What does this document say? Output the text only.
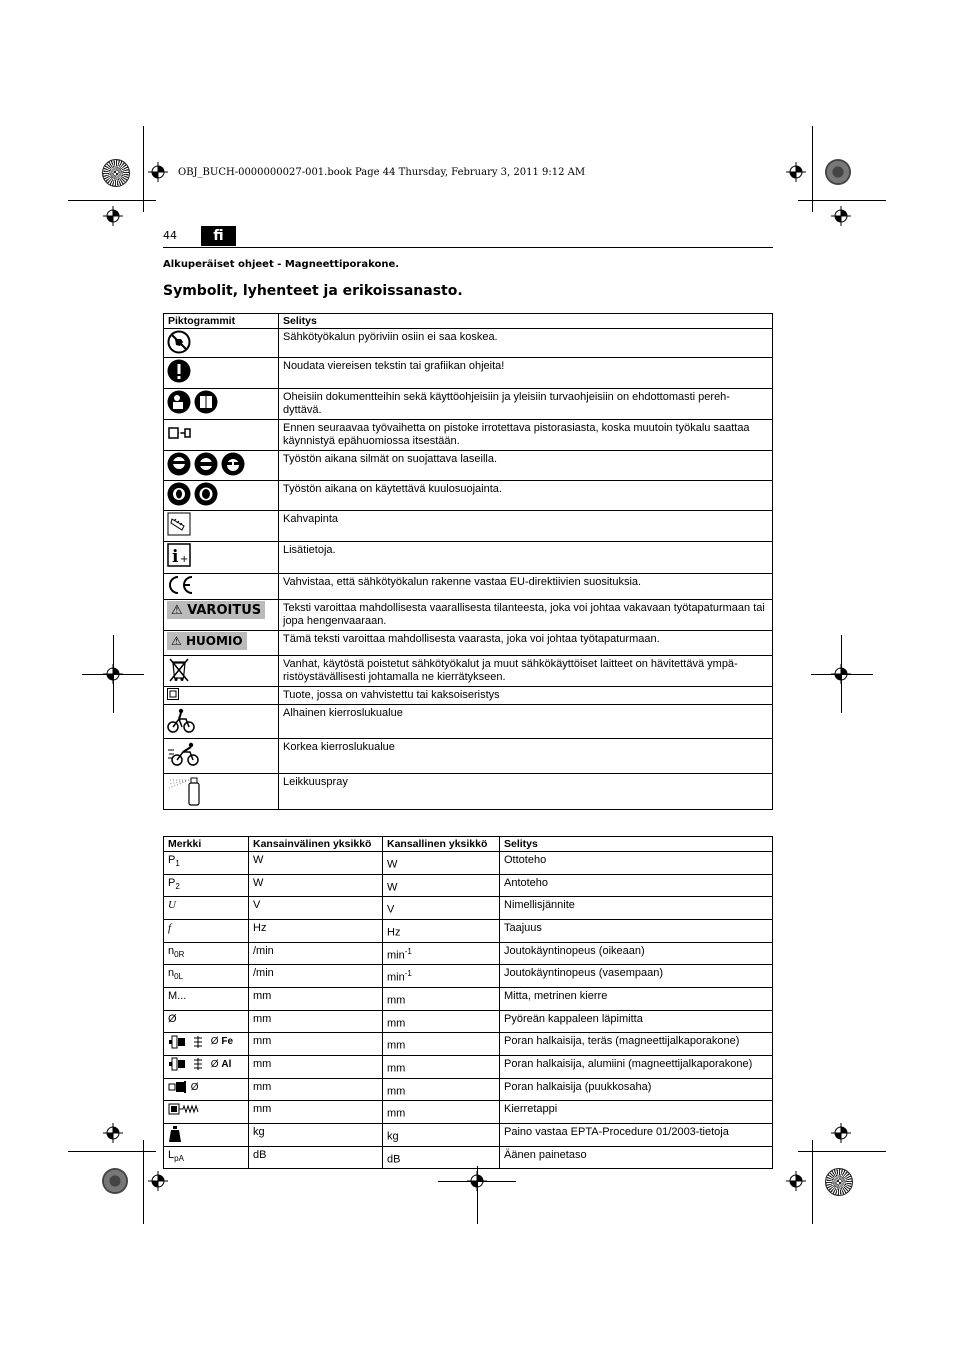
OBJ_BUCH-0000000027-001.book Page 44 Thursday, February 3, 2011 9:12 AM
44	fi
Alkuperäiset ohjeet - Magneettiporakone.
Symbolit, lyhenteet ja erikoissanasto.
Piktogrammit	Selitys
	Sähkötyökalun pyöriviin osiin ei saa koskea.
	Noudata viereisen tekstin tai grafiikan ohjeita!
	Oheisiin dokumentteihin sekä käyttöohjeisiin ja yleisiin turvaohjeisiin on ehdottomasti pereh-dyttävä.
	Ennen seuraavaa työvaihetta on pistoke irrotettava pistorasiasta, koska muutoin työkalu saattaa käynnistyä epähuomiossa itsestään.
	Työstön aikana silmät on suojattava laseilla.
	Työstön aikana on käytettävä kuulosuojainta.
	Kahvapinta

i +	Lisätietoja.
	Vahvistaa, että sähkötyökalun rakenne vastaa EU-direktiivien suosituksia.

⚠
VAROITUS	Teksti varoittaa mahdollisesta vaarallisesta tilanteesta, joka voi johtaa vakavaan työtapaturmaan tai jopa hengenvaaraan.

⚠
HUOMIO	Tämä teksti varoittaa mahdollisesta vaarasta, joka voi johtaa työtapaturmaan.
	Vanhat, käytöstä poistetut sähkötyökalut ja muut sähkökäyttöiset laitteet on hävitettävä ympä-ristöystävällisesti johtamalla ne kierrätykseen.
	Tuote, jossa on vahvistettu tai kaksoiseristys
	Alhainen kierroslukualue
	Korkea kierroslukualue
	Leikkuuspray
Merkki	Kansainvälinen yksikkö	Kansallinen yksikkö	Selitys
$P_1$	W	W	Ottoteho
$P_2$	W	W	Antoteho
U	V	V	Nimellisjännite
f	Hz	Hz	Taajuus
$n_{0R}$	/min	$\min^{-1}$	Joutokäyntinopeus (oikeaan)
$n_{0L}$	/min	$\min^{-1}$	Joutokäyntinopeus (vasempaan)
M...	mm	mm	Mitta, metrinen kierre
Ø	mm	mm	Pyöreän kappaleen läpimitta
Ø Fe	mm	mm	Poran halkaisija, teräs (magneettijalkaporakone)
Ø Al	mm	mm	Poran halkaisija, alumiini (magneettijalkaporakone)
Ø	mm	mm	Poran halkaisija (puukkosaha)
	mm	mm	Kierretappi
	kg	kg	Paino vastaa EPTA-Procedure 01/2003-tietoja
$L_{pA}$	dB	dB	Äänen painetaso
